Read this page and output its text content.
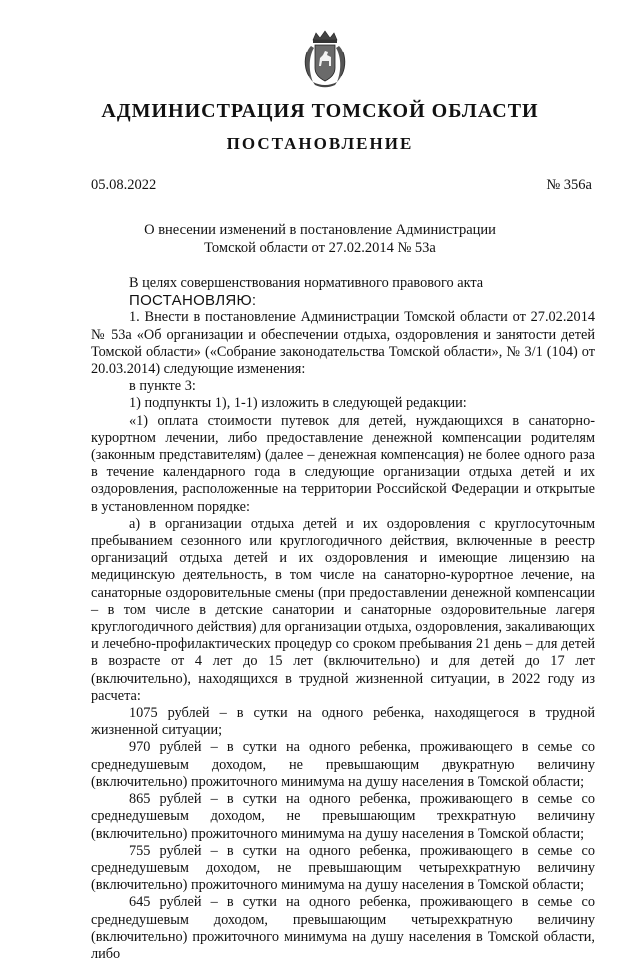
АДМИНИСТРАЦИЯ ТОМСКОЙ ОБЛАСТИ
ПОСТАНОВЛЕНИЕ
05.08.2022	№ 356а
О внесении изменений в постановление Администрации
Томской области от 27.02.2014 № 53а

В целях совершенствования нормативного правового акта

ПОСТАНОВЛЯЮ:

1. Внести в постановление Администрации Томской области от 27.02.2014 № 53а «Об организации и обеспечении отдыха, оздоровления и занятости детей Томской области» («Собрание законодательства Томской области», № 3/1 (104) от 20.03.2014) следующие изменения:

в пункте 3:

1) подпункты 1), 1-1) изложить в следующей редакции:

«1) оплата стоимости путевок для детей, нуждающихся в санаторно-курортном лечении, либо предоставление денежной компенсации родителям (законным представителям) (далее – денежная компенсация) не более одного раза в течение календарного года в следующие организации отдыха детей и их оздоровления, расположенные на территории Российской Федерации и открытые в установленном порядке:

а) в организации отдыха детей и их оздоровления с круглосуточным пребыванием сезонного или круглогодичного действия, включенные в реестр организаций отдыха детей и их оздоровления и имеющие лицензию на медицинскую деятельность, в том числе на санаторно-курортное лечение, на санаторные оздоровительные смены (при предоставлении денежной компенсации – в том числе в детские санатории и санаторные оздоровительные лагеря круглогодичного действия) для организации отдыха, оздоровления, закаливающих и лечебно-профилактических процедур со сроком пребывания 21 день – для детей в возрасте от 4 лет до 15 лет (включительно) и для детей до 17 лет (включительно), находящихся в трудной жизненной ситуации, в 2022 году из расчета:

1075 рублей – в сутки на одного ребенка, находящегося в трудной жизненной ситуации;

970 рублей – в сутки на одного ребенка, проживающего в семье со среднедушевым доходом, не превышающим двукратную величину (включительно) прожиточного минимума на душу населения в Томской области;

865 рублей – в сутки на одного ребенка, проживающего в семье со среднедушевым доходом, не превышающим трехкратную величину (включительно) прожиточного минимума на душу населения в Томской области;

755 рублей – в сутки на одного ребенка, проживающего в семье со среднедушевым доходом, не превышающим четырехкратную величину (включительно) прожиточного минимума на душу населения в Томской области;

645 рублей – в сутки на одного ребенка, проживающего в семье со среднедушевым доходом, превышающим четырехкратную величину (включительно) прожиточного минимума на душу населения в Томской области, либо
